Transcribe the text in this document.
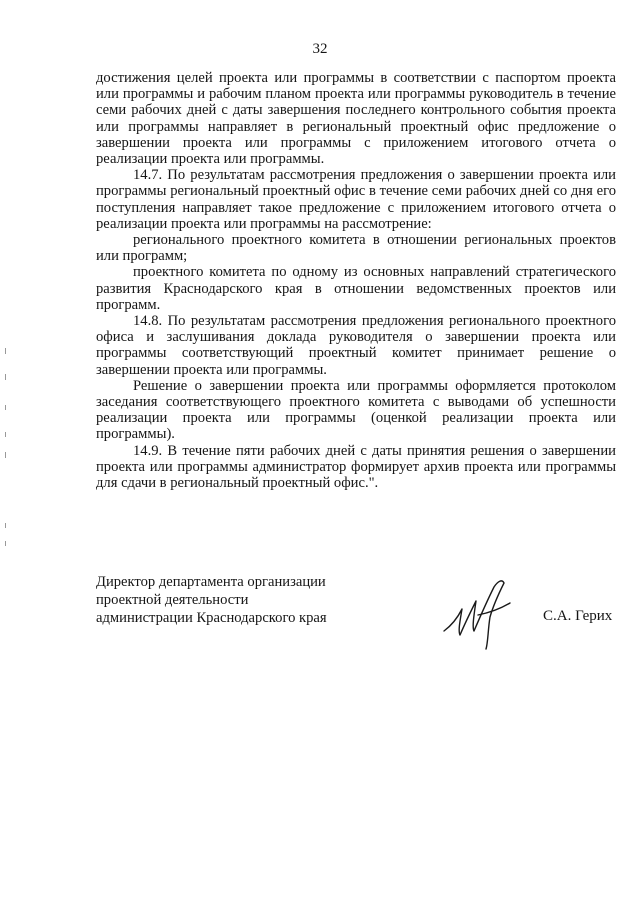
32

достижения целей проекта или программы в соответствии с паспортом проекта или программы и рабочим планом проекта или программы руководитель в течение семи рабочих дней с даты завершения последнего контрольного события проекта или программы направляет в региональный проектный офис предложение о завершении проекта или программы с приложением итогового отчета о реализации проекта или программы.

14.7. По результатам рассмотрения предложения о завершении проекта или программы региональный проектный офис в течение семи рабочих дней со дня его поступления направляет такое предложение с приложением итогового отчета о реализации проекта или программы на рассмотрение:

регионального проектного комитета в отношении региональных проектов или программ;

проектного комитета по одному из основных направлений стратегического развития Краснодарского края в отношении ведомственных проектов или программ.

14.8. По результатам рассмотрения предложения регионального проектного офиса и заслушивания доклада руководителя о завершении проекта или программы соответствующий проектный комитет принимает решение о завершении проекта или программы.

Решение о завершении проекта или программы оформляется протоколом заседания соответствующего проектного комитета с выводами об успешности реализации проекта или программы (оценкой реализации проекта или программы).

14.9. В течение пяти рабочих дней с даты принятия решения о завершении проекта или программы администратор формирует архив проекта или программы для сдачи в региональный проектный офис.".

Директор департамента организации
проектной деятельности
администрации Краснодарского края	С.А. Герих
